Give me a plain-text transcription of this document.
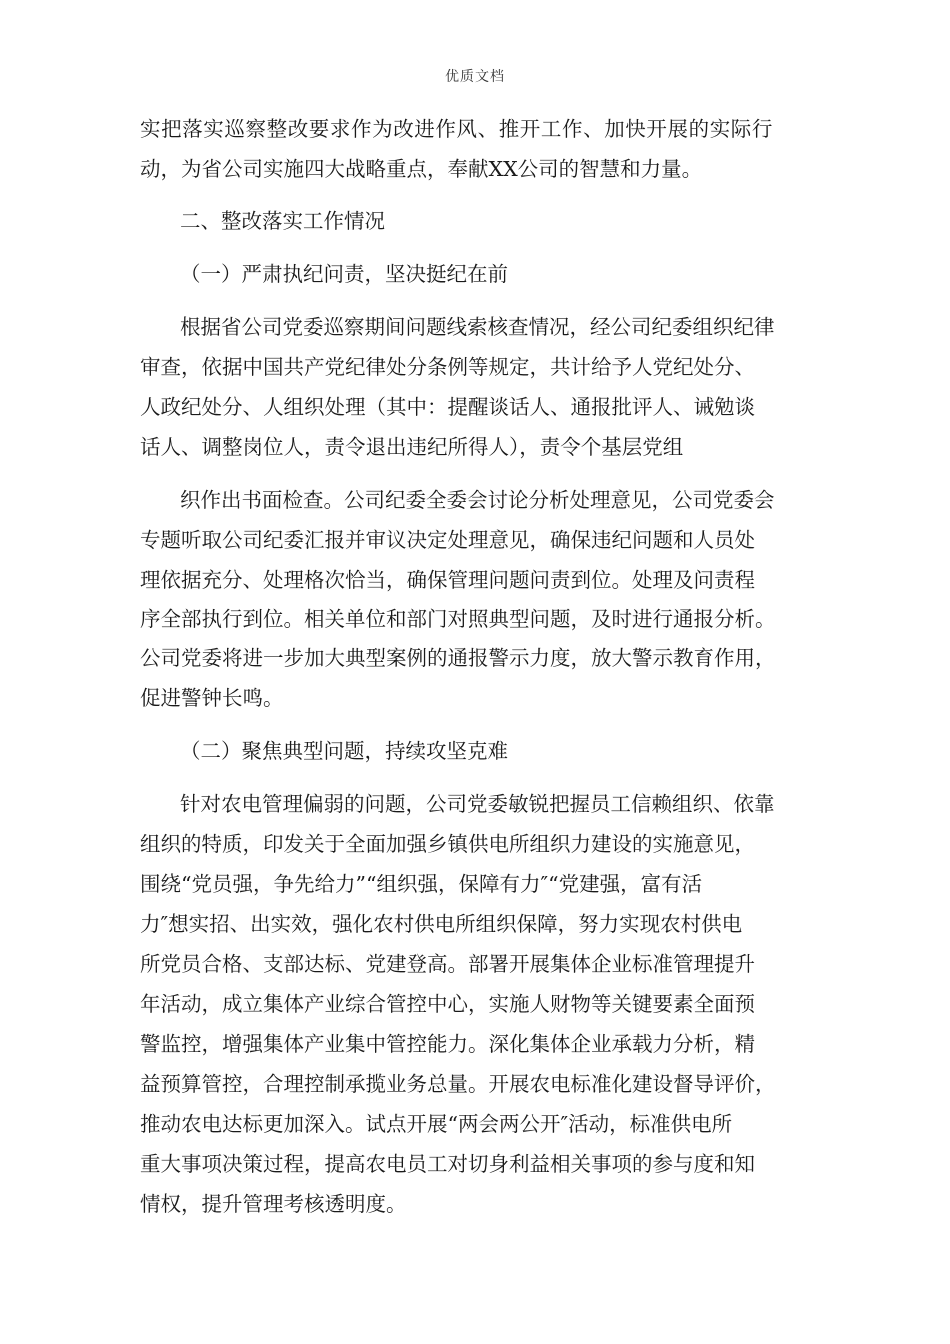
优质文档
实把落实巡察整改要求作为改进作风、推开工作、加快开展的实际行
动，为省公司实施四大战略重点，奉献XX公司的智慧和力量。
二、整改落实工作情况
（一）严肃执纪问责，坚决挺纪在前
根据省公司党委巡察期间问题线索核查情况，经公司纪委组织纪律
审查，依据中国共产党纪律处分条例等规定，共计给予人党纪处分、
人政纪处分、人组织处理（其中：提醒谈话人、通报批评人、诫勉谈
话人、调整岗位人，责令退出违纪所得人），责令个基层党组
织作出书面检查。公司纪委全委会讨论分析处理意见，公司党委会
专题听取公司纪委汇报并审议决定处理意见，确保违纪问题和人员处
理依据充分、处理格次恰当，确保管理问题问责到位。处理及问责程
序全部执行到位。相关单位和部门对照典型问题，及时进行通报分析。
公司党委将进一步加大典型案例的通报警示力度，放大警示教育作用，
促进警钟长鸣。
（二）聚焦典型问题，持续攻坚克难
针对农电管理偏弱的问题，公司党委敏锐把握员工信赖组织、依靠
组织的特质，印发关于全面加强乡镇供电所组织力建设的实施意见，
围绕“党员强，争先给力”“组织强，保障有力″“党建强，富有活
力″想实招、出实效，强化农村供电所组织保障，努力实现农村供电
所党员合格、支部达标、党建登高。部署开展集体企业标准管理提升
年活动，成立集体产业综合管控中心，实施人财物等关键要素全面预
警监控，增强集体产业集中管控能力。深化集体企业承载力分析，精
益预算管控，合理控制承揽业务总量。开展农电标准化建设督导评价，
推动农电达标更加深入。试点开展“两会两公开″活动，标准供电所
重大事项决策过程，提高农电员工对切身利益相关事项的参与度和知
情权，提升管理考核透明度。
